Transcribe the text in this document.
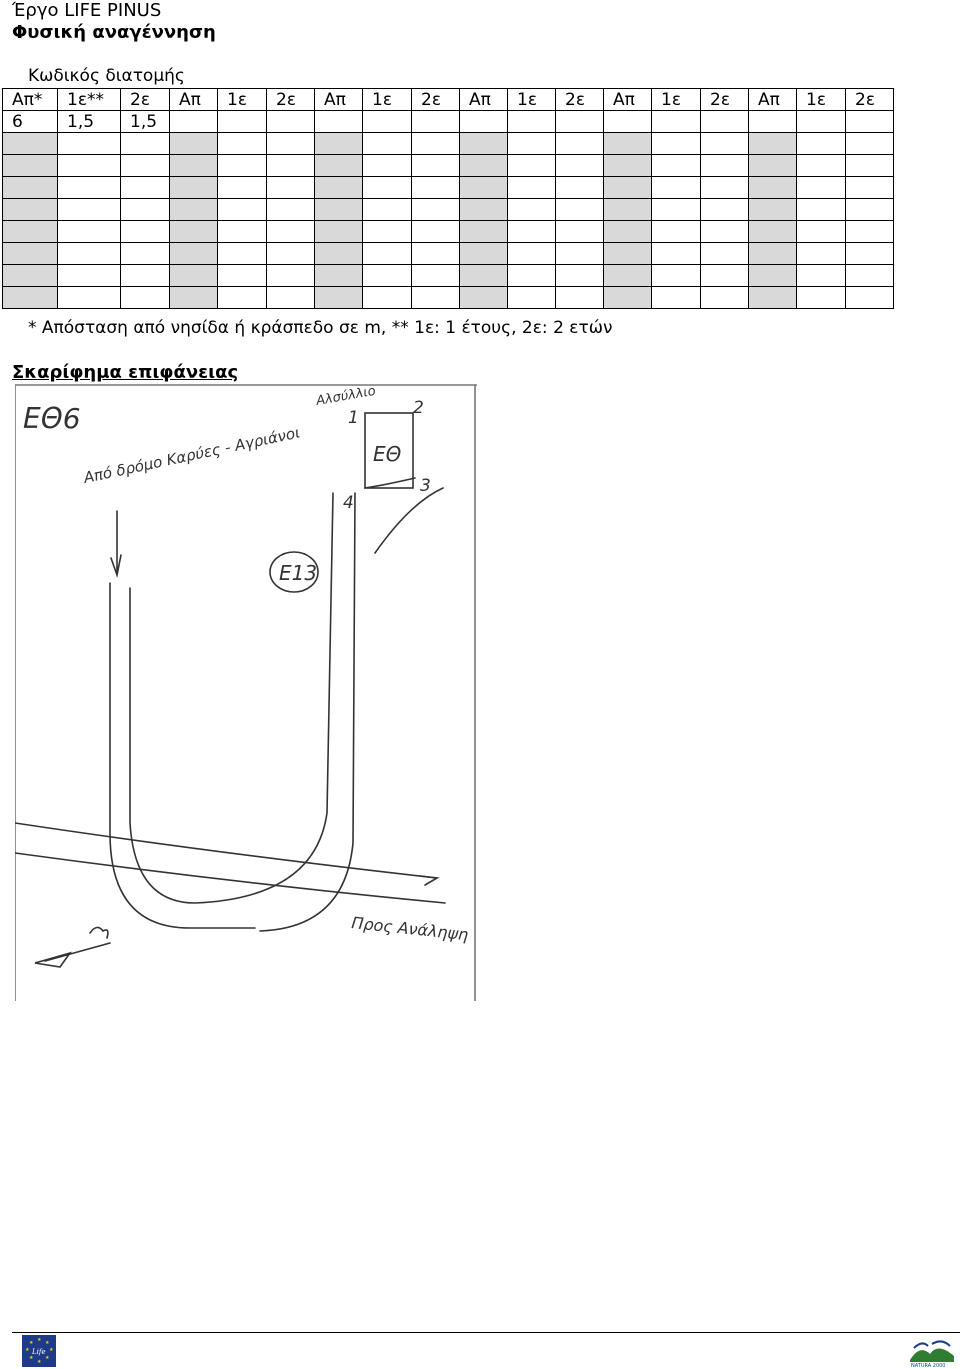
Έργο LIFE PINUS
Φυσική αναγέννηση
Κωδικός διατομής
Απ*	1ε**	2ε	Απ	1ε	2ε	Απ	1ε	2ε	Απ	1ε	2ε	Απ	1ε	2ε	Απ	1ε	2ε
6	1,5	1,5															

* Απόσταση από νησίδα ή κράσπεδο σε m, ** 1ε: 1 έτους, 2ε: 2 ετών
Σκαρίφημα επιφάνειας
ΕΘ6
Από δρόμο Καρύες - Αγριάνοι
Ε13
ΕΘ
Αλσύλλιο
Προς Ανάληψη
1	2
3
4
★ ★
★
★
★
★
★
★
Life
NATURA 2000
